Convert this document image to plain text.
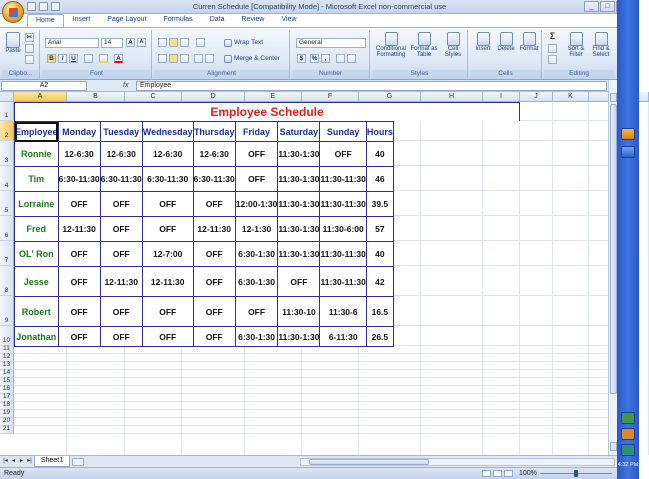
Curren Schedule [Compatibility Mode] - Microsoft Excel non-commercial use	_	□
Home	Insert	Page Layout	Formulas	Data	Review	View
Paste
✂
Clipbo...
Arial	14	A	A
B	I	U	A
Font
Wrap Text
Merge & Center
Alignment
General
$	%	,
Number
Conditional Formatting
Format as Table
Cell Styles
Styles
Insert Delete Format
Cells
Σ
Sort & Filter
Find & Select
Editing
A2	fx	Employee
A	B	C	D	E	F	G	H	I	J	K
1
2
3
4
5
6
7
8
9
10
11
12
13
14
15
16
17
18
19
20
21
Employee Schedule
Employee	Monday	Tuesday	Wednesday	Thursday	Friday	Saturday	Sunday	Hours
Ronnie	12-6:30	12-6:30	12-6:30	12-6:30	OFF	11:30-1:30	OFF	40
Tim	6:30-11:30	6:30-11:30	6:30-11:30	6:30-11:30	OFF	11:30-1:30	11:30-11:30	46
Lorraine	OFF	OFF	OFF	OFF	12:00-1:30	11:30-1:30	11:30-11:30	39.5
Fred	12-11:30	OFF	OFF	12-11:30	12-1:30	11:30-1:30	11:30-6:00	57
OL' Ron	OFF	OFF	12-7:00	OFF	6:30-1:30	11:30-1:30	11:30-11:30	40
Jesse	OFF	12-11:30	12-11:30	OFF	6:30-1:30	OFF	11:30-11:30	42
Robert	OFF	OFF	OFF	OFF	OFF	11:30-10	11:30-6	16.5
Jonathan	OFF	OFF	OFF	OFF	6:30-1:30	11:30-1:30	6-11:30	26.5
|◂ ◂ ▸ ▸|	Sheet1
Ready	100%
4:32 PM
